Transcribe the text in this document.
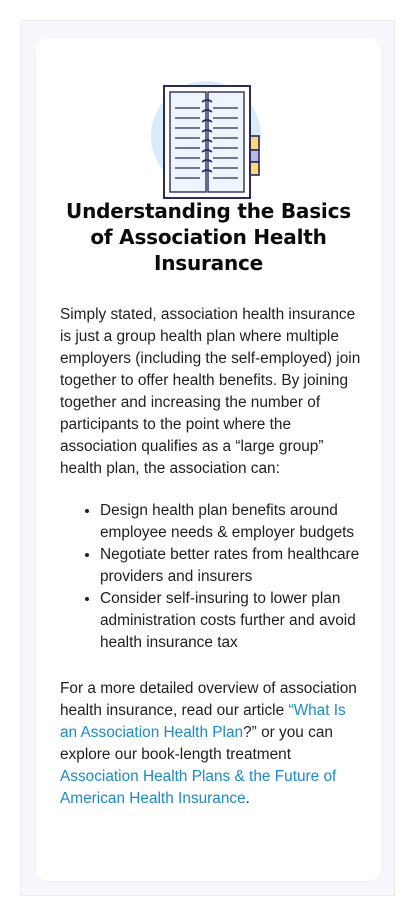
Understanding the Basics of Association Health Insurance

Simply stated, association health insurance is just a group health plan where multiple employers (including the self-employed) join together to offer health benefits. By joining together and increasing the number of participants to the point where the association qualifies as a “large group” health plan, the association can:

• Design health plan benefits around employee needs & employer budgets
• Negotiate better rates from healthcare providers and insurers
• Consider self-insuring to lower plan administration costs further and avoid health insurance tax

For a more detailed overview of association health insurance, read our article “What Is an Association Health Plan?” or you can explore our book-length treatment Association Health Plans & the Future of American Health Insurance.
